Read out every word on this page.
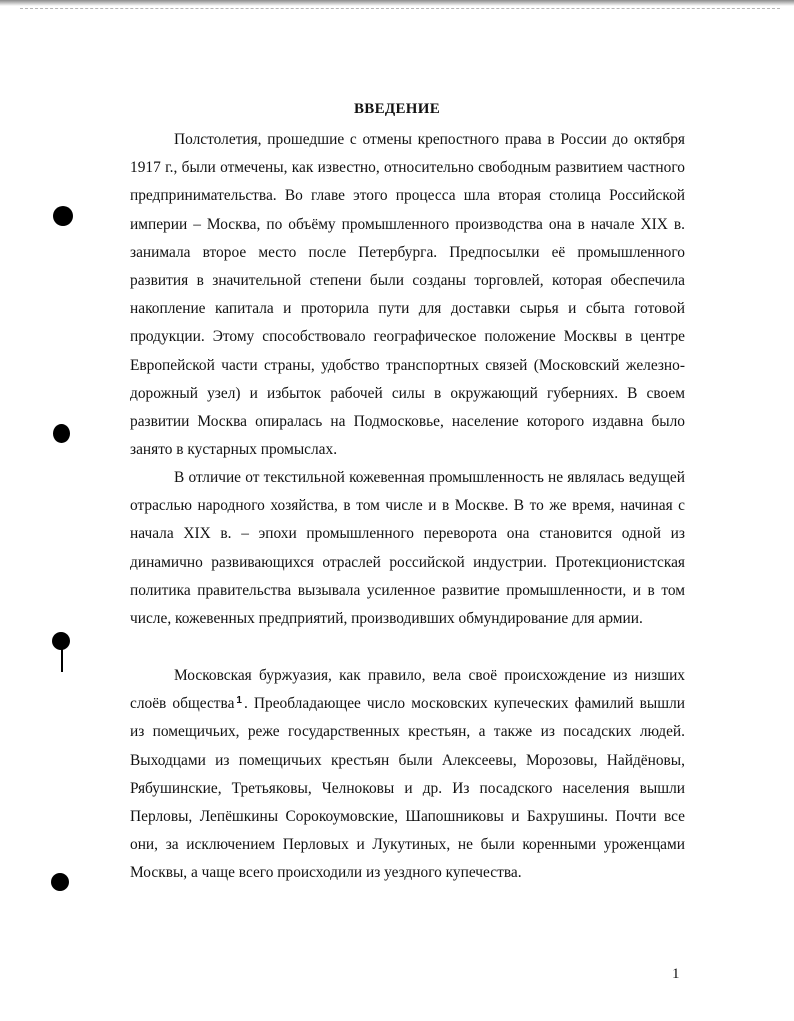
ВВЕДЕНИЕ

Полстолетия, прошедшие с отмены крепостного права в России до октября 1917 г., были отмечены, как известно, относительно свободным развитием частного предпринимательства. Во главе этого процесса шла вторая столица Российской империи – Москва, по объёму промышленного производства она в начале XIX в. занимала второе место после Петербурга. Предпосылки её промышленного развития в значительной степени были созданы торговлей, которая обеспечила накопление капитала и проторила пути для доставки сырья и сбыта готовой продукции. Этому способствовало географическое положение Москвы в центре Европейской части страны, удобство транспортных связей (Московский железно-дорожный узел) и избыток рабочей силы в окружающий губерниях. В своем развитии Москва опиралась на Подмосковье, население которого издавна было занято в кустарных промыслах.

В отличие от текстильной кожевенная промышленность не являлась ведущей отраслью народного хозяйства, в том числе и в Москве. В то же время, начиная с начала XIX в. – эпохи промышленного переворота она становится одной из динамично развивающихся отраслей российской индустрии. Протекционистская политика правительства вызывала усиленное развитие промышленности, и в том числе, кожевенных предприятий, производивших обмундирование для армии.

Московская буржуазия, как правило, вела своё происхождение из низших слоёв общества $^1$ . Преобладающее число московских купеческих фамилий вышли из помещичьих, реже государственных крестьян, а также из посадских людей. Выходцами из помещичьих крестьян были Алексеевы, Морозовы, Найдёновы, Рябушинские, Третьяковы, Челноковы и др. Из посадского населения вышли Перловы, Лепёшкины Сорокоумовские, Шапошниковы и Бахрушины. Почти все они, за исключением Перловых и Лукутиных, не были коренными уроженцами Москвы, а чаще всего происходили из уездного купечества.

1
